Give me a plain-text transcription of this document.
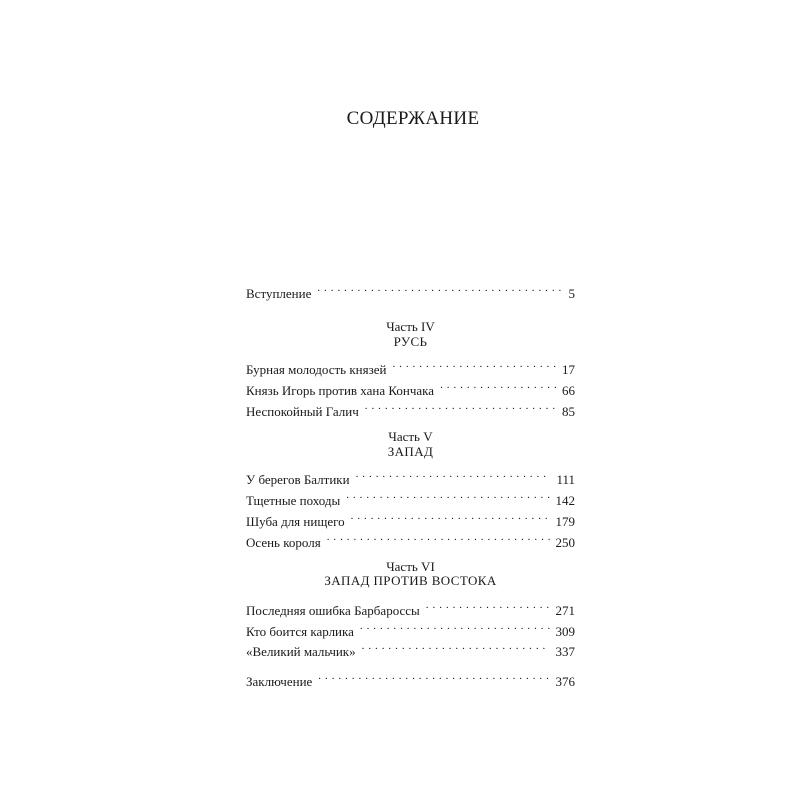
СОДЕРЖАНИЕ
Вступление . . .	5
Часть IV
РУСЬ
Бурная молодость князей . . .	17
Князь Игорь против хана Кончака . . .	66
Неспокойный Галич . . .	85
Часть V
ЗАПАД
У берегов Балтики . . .	111
Тщетные походы . . .	142
Шуба для нищего . . .	179
Осень короля . . .	250
Часть VI
ЗАПАД ПРОТИВ ВОСТОКА
Последняя ошибка Барбароссы . . .	271
Кто боится карлика . . .	309
«Великий мальчик» . . .	337
Заключение . . .	376
